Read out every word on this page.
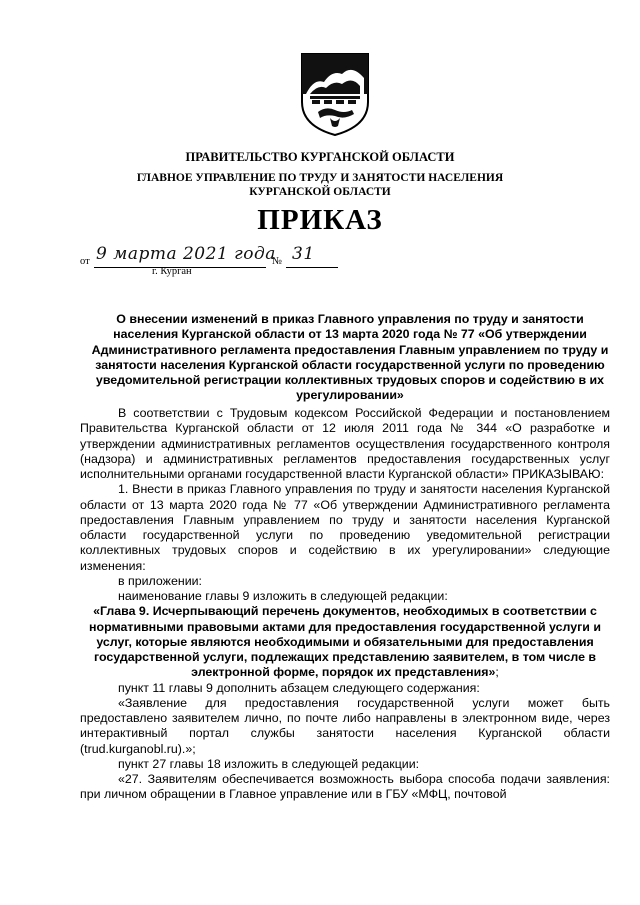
ПРАВИТЕЛЬСТВО КУРГАНСКОЙ ОБЛАСТИ
ГЛАВНОЕ УПРАВЛЕНИЕ ПО ТРУДУ И ЗАНЯТОСТИ НАСЕЛЕНИЯ
КУРГАНСКОЙ ОБЛАСТИ
ПРИКАЗ
от 9 марта 2021 года
№ 31
г. Курган
О внесении изменений в приказ Главного управления по труду и занятости населения Курганской области от 13 марта 2020 года № 77 «Об утверждении Административного регламента предоставления Главным управлением по труду и занятости населения Курганской области государственной услуги по проведению уведомительной регистрации коллективных трудовых споров и содействию в их урегулировании»

В соответствии с Трудовым кодексом Российской Федерации и постановлением Правительства Курганской области от 12 июля 2011 года № 344 «О разработке и утверждении административных регламентов осуществления государственного контроля (надзора) и административных регламентов предоставления государственных услуг исполнительными органами государственной власти Курганской области» ПРИКАЗЫВАЮ:

1. Внести в приказ Главного управления по труду и занятости населения Курганской области от 13 марта 2020 года № 77 «Об утверждении Административного регламента предоставления Главным управлением по труду и занятости населения Курганской области государственной услуги по проведению уведомительной регистрации коллективных трудовых споров и содействию в их урегулировании» следующие изменения:

в приложении:

наименование главы 9 изложить в следующей редакции:

«Глава 9. Исчерпывающий перечень документов, необходимых в соответствии с нормативными правовыми актами для предоставления государственной услуги и услуг, которые являются необходимыми и обязательными для предоставления государственной услуги, подлежащих представлению заявителем, в том числе в электронной форме, порядок их представления»;

пункт 11 главы 9 дополнить абзацем следующего содержания:

«Заявление для предоставления государственной услуги может быть предоставлено заявителем лично, по почте либо направлены в электронном виде, через интерактивный портал службы занятости населения Курганской области (trud.kurganobl.ru).»;

пункт 27 главы 18 изложить в следующей редакции:

«27. Заявителям обеспечивается возможность выбора способа подачи заявления: при личном обращении в Главное управление или в ГБУ «МФЦ, почтовой
